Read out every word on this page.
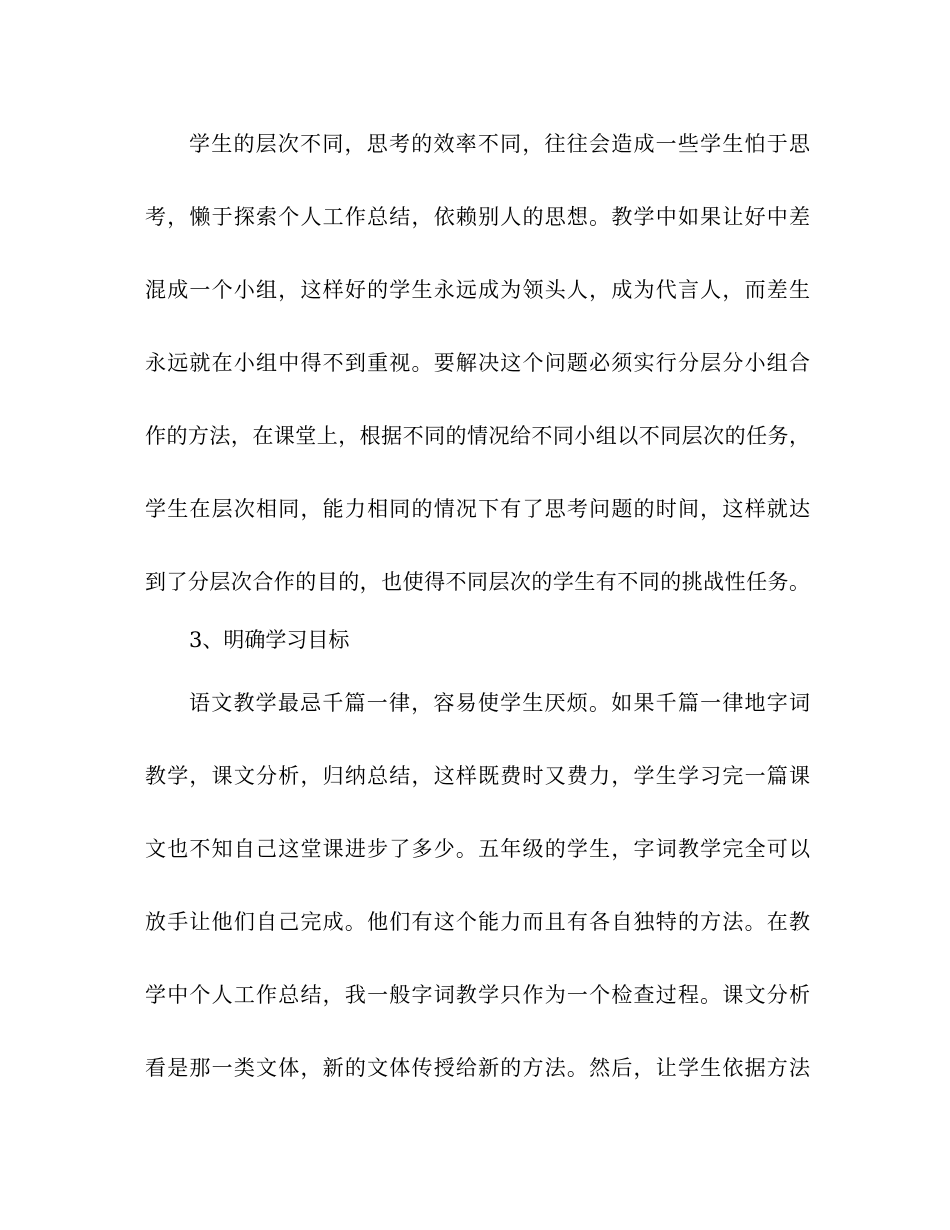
学生的层次不同，思考的效率不同，往往会造成一些学生怕于思
考，懒于探索个人工作总结，依赖别人的思想。教学中如果让好中差
混成一个小组，这样好的学生永远成为领头人，成为代言人，而差生
永远就在小组中得不到重视。要解决这个问题必须实行分层分小组合
作的方法，在课堂上，根据不同的情况给不同小组以不同层次的任务，
学生在层次相同，能力相同的情况下有了思考问题的时间，这样就达
到了分层次合作的目的，也使得不同层次的学生有不同的挑战性任务。
3、明确学习目标
语文教学最忌千篇一律，容易使学生厌烦。如果千篇一律地字词
教学，课文分析，归纳总结，这样既费时又费力，学生学习完一篇课
文也不知自己这堂课进步了多少。五年级的学生，字词教学完全可以
放手让他们自己完成。他们有这个能力而且有各自独特的方法。在教
学中个人工作总结，我一般字词教学只作为一个检查过程。课文分析
看是那一类文体，新的文体传授给新的方法。然后，让学生依据方法
